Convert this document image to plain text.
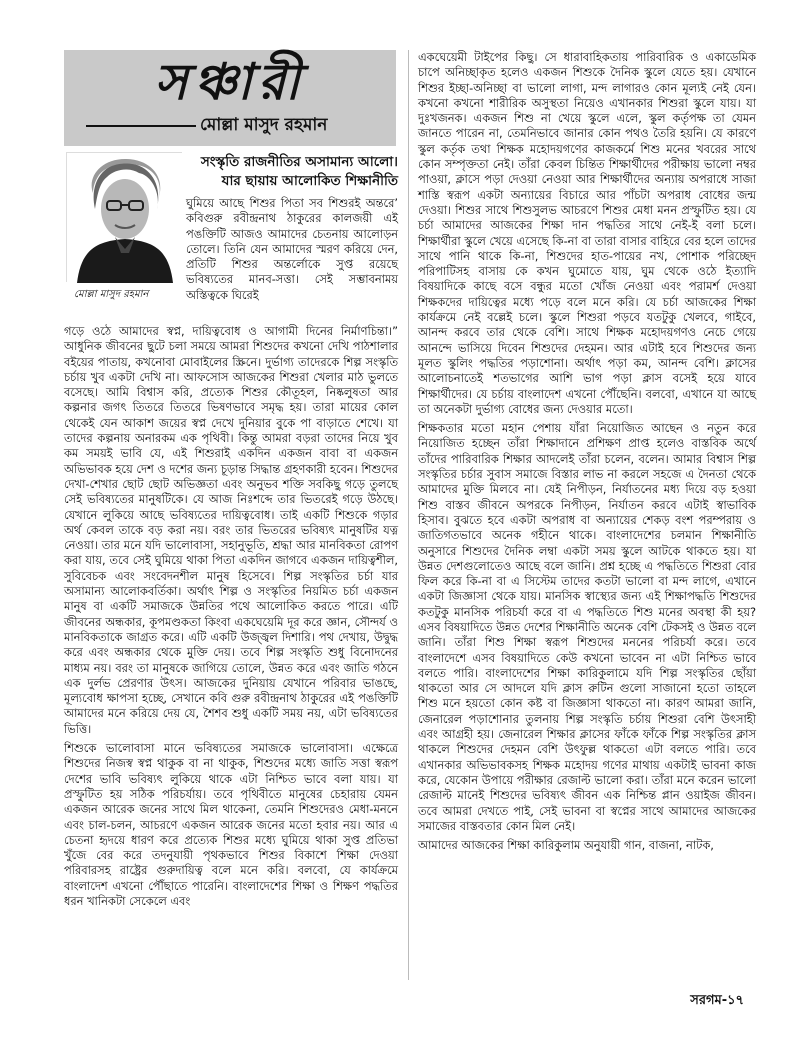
সঞ্চারী
মোল্লা মাসুদ রহমান
মোল্লা মাসুদ রহমান
সংস্কৃতি রাজনীতির অসামান্য আলো।
যার ছায়ায় আলোকিত শিক্ষানীতি

ঘুমিয়ে আছে শিশুর পিতা সব শিশুরই অন্তরে’ কবিগুরু রবীন্দ্রনাথ ঠাকুরের কালজয়ী এই পঙক্তিটি আজও আমাদের চেতনায় আলোড়ন তোলে। তিনি যেন আমাদের স্মরণ করিয়ে দেন, প্রতিটি শিশুর অন্তর্লোকে সুপ্ত রয়েছে ভবিষ্যতের মানব-সত্তা। সেই সম্ভাবনাময় অস্তিত্বকে ঘিরেই

গড়ে ওঠে আমাদের স্বপ্ন, দায়িত্ববোধ ও আগামী দিনের নির্মাণচিন্তা।” আধুনিক জীবনের ছুটে চলা সময়ে আমরা শিশুদের কখনো দেখি পাঠশালার বইয়ের পাতায়, কখনোবা মোবাইলের স্ক্রিনে। দুর্ভাগ্য তাদেরকে শিল্প সংস্কৃতি চর্চায় খুব একটা দেখি না। আফসোস আজকের শিশুরা খেলার মাঠ ভুলতে বসেছে। আমি বিশ্বাস করি, প্রত্যেক শিশুর কৌতূহল, নিষ্কলুষতা আর কল্পনার জগৎ তিতরে তিতরে ভিষণভাবে সমৃদ্ধ হয়। তারা মায়ের কোল থেকেই যেন আকাশ জয়ের স্বপ্ন দেখে দুনিয়ার বুকে পা বাড়াতে শেখে। যা তাদের কল্পনায় অনারকম এক পৃথিবী। কিন্তু আমরা বড়রা তাদের নিয়ে খুব কম সময়ই ভাবি যে, এই শিশুরাই একদিন একজন বাবা বা একজন অভিভাবক হয়ে দেশ ও দশের জন্য চূড়ান্ত সিদ্ধান্ত গ্রহণকারী হবেন। শিশুদের দেখা-শেখার ছোট ছোট অভিজ্ঞতা এবং অনুভব শক্তি সবকিছু গড়ে তুলছে সেই ভবিষ্যতের মানুষটিকে। যে আজ নিঃশব্দে তার ভিতরেই গড়ে উঠছে। যেখানে লুকিয়ে আছে ভবিষ্যতের দায়িত্ববোধ। তাই একটি শিশুকে গড়ার অর্থ কেবল তাকে বড় করা নয়। বরং তার ভিতরের ভবিষ্যৎ মানুষটির যত্ন নেওয়া। তার মনে যদি ভালোবাসা, সহানুভূতি, শ্রদ্ধা আর মানবিকতা রোপণ করা যায়, তবে সেই ঘুমিয়ে থাকা পিতা একদিন জাগবে একজন দায়িত্বশীল, সুবিবেচক এবং সংবেদনশীল মানুষ হিসেবে। শিল্প সংস্কৃতির চর্চা যার অসামান্য আলোকবর্তিকা। অর্থাৎ শিল্প ও সংস্কৃতির নিয়মিত চর্চা একজন মানুষ বা একটি সমাজকে উন্নতির পথে আলোকিত করতে পারে। এটি জীবনের অন্ধকার, কূপমণ্ডকতা কিংবা একঘেয়েমি দূর করে জ্ঞান, সৌন্দর্য ও মানবিকতাকে জাগ্রত করে। এটি একটি উজ্জ্বল দিশারি। পথ দেখায়, উদ্বুদ্ধ করে এবং অন্ধকার থেকে মুক্তি দেয়। তবে শিল্প সংস্কৃতি শুধু বিনোদনের মাধ্যম নয়। বরং তা মানুষকে জাগিয়ে তোলে, উন্নত করে এবং জাতি গঠনে এক দুর্লভ প্রেরণার উৎস। আজকের দুনিয়ায় যেখানে পরিবার ভাঙছে, মূল্যবোধ ক্ষাপসা হচ্ছে, সেখানে কবি গুরু রবীন্দ্রনাথ ঠাকুরের এই পঙক্তিটি আমাদের মনে করিয়ে দেয় যে, শৈশব শুধু একটি সময় নয়, এটা ভবিষ্যতের ভিত্তি।

শিশুকে ভালোবাসা মানে ভবিষ্যতের সমাজকে ভালোবাসা। এক্ষেত্রে শিশুদের নিজস্ব স্বপ্ন থাকুক বা না থাকুক, শিশুদের মধ্যে জাতি সত্তা স্বরূপ দেশের ভাবি ভবিষ্যৎ লুকিয়ে থাকে এটা নিশ্চিত ভাবে বলা যায়। যা প্রস্ফুটিত হয় সঠিক পরিচর্যায়। তবে পৃথিবীতে মানুষের চেহারায় যেমন একজন আরেক জনের সাথে মিল থাকেনা, তেমনি শিশুদেরও মেধা-মননে এবং চাল-চলন, আচরণে একজন আরেক জনের মতো হবার নয়। আর এ চেতনা হৃদয়ে ধারণ করে প্রত্যেক শিশুর মধ্যে ঘুমিয়ে থাকা সুপ্ত প্রতিভা খুঁজে বের করে তদনুযায়ী পৃথকভাবে শিশুর বিকাশে শিক্ষা দেওয়া পরিবারসহ রাষ্ট্রের গুরুদায়িত্ব বলে মনে করি। বলবো, যে কার্যক্রমে বাংলাদেশ এখনো পৌঁছাতে পারেনি। বাংলাদেশের শিক্ষা ও শিক্ষণ পদ্ধতির ধরন খানিকটা সেকেলে এবং

একঘেয়েমী টাইপের কিছু। সে ধারাবাহিকতায় পারিবারিক ও একাডেমিক চাপে অনিচ্ছাকৃত হলেও একজন শিশুকে দৈনিক স্কুলে যেতে হয়। যেখানে শিশুর ইচ্ছা-অনিচ্ছা বা ভালো লাগা, মন্দ লাগারও কোন মূল্যই নেই যেন। কখনো কখনো শারীরিক অসুস্থতা নিয়েও এখানকার শিশুরা স্কুলে যায়। যা দুঃখজনক। একজন শিশু না খেয়ে স্কুলে এলে, স্কুল কর্তৃপক্ষ তা যেমন জানতে পারেন না, তেমনিভাবে জানার কোন পথও তৈরি হয়নি। যে কারণে স্কুল কর্তৃক তথা শিক্ষক মহোদয়গণের কাজকর্মে শিশু মনের খবরের সাথে কোন সম্পৃক্ততা নেই। তাঁরা কেবল চিন্তিত শিক্ষার্থীদের পরীক্ষায় ভালো নম্বর পাওয়া, ক্লাসে পড়া দেওয়া নেওয়া আর শিক্ষার্থীদের অন্যায় অপরাধে সাজা শাস্তি স্বরূপ একটা অন্যায়ের বিচারে আর পাঁচটা অপরাধ বোধের জন্ম দেওয়া। শিশুর সাথে শিশুসুলভ আচরণে শিশুর মেধা মনন প্রস্ফুটিত হয়। যে চর্চা আমাদের আজকের শিক্ষা দান পদ্ধতির সাথে নেই-ই বলা চলে। শিক্ষার্থীরা স্কুলে খেয়ে এসেছে কি-না বা তারা বাসার বাহিরে বের হলে তাদের সাথে পানি থাকে কি-না, শিশুদের হাত-পায়ের নখ, পোশাক পরিচ্ছেদ পরিপাটিসহ বাসায় কে কখন ঘুমোতে যায়, ঘুম থেকে ওঠে ইত্যাদি বিষয়াদিকে কাছে বসে বন্ধুর মতো খোঁজ নেওয়া এবং পরামর্শ দেওয়া শিক্ষকদের দায়িত্বের মধ্যে পড়ে বলে মনে করি। যে চর্চা আজকের শিক্ষা কার্যক্রমে নেই বল্লেই চলে। স্কুলে শিশুরা পড়বে যতটুকু খেলবে, গাইবে, আনন্দ করবে তার থেকে বেশি। সাথে শিক্ষক মহোদয়গণও নেচে গেয়ে আনন্দে ভাসিয়ে দিবেন শিশুদের দেহমন। আর এটাই হবে শিশুদের জন্য মূলত স্কুলিং পদ্ধতির পড়াশোনা। অর্থাৎ পড়া কম, আনন্দ বেশি। ক্লাসের আলোচনাতেই শতভাগের আশি ভাগ পড়া ক্লাস বসেই হয়ে যাবে শিক্ষার্থীদের। যে চর্চায় বাংলাদেশ এখনো পৌঁছেনি। বলবো, এখানে যা আছে তা অনেকটা দুর্ভাগ্য বোধের জন্য দেওয়ার মতো।

শিক্ষকতার মতো মহান পেশায় যাঁরা নিয়োজিত আছেন ও নতুন করে নিয়োজিত হচ্ছেন তাঁরা শিক্ষাদানে প্রশিক্ষণ প্রাপ্ত হলেও বাস্তবিক অর্থে তাঁদের পারিবারিক শিক্ষার আদলেই তাঁরা চলেন, বলেন। আমার বিশ্বাস শিল্প সংস্কৃতির চর্চার সুবাস সমাজে বিস্তার লাভ না করলে সহজে এ দৈনতা থেকে আমাদের মুক্তি মিলবে না। যেই নিপীড়ন, নির্যাতনের মধ্য দিয়ে বড় হওয়া শিশু বাস্তব জীবনে অপরকে নিপীড়ন, নির্যাতন করবে এটাই স্বাভাবিক হিসাব। বুঝতে হবে একটা অপরাধ বা অন্যায়ের শেকড় বংশ পরম্পরায় ও জাতিগতভাবে অনেক গহীনে থাকে। বাংলাদেশের চলমান শিক্ষানীতি অনুসারে শিশুদের দৈনিক লম্বা একটা সময় স্কুলে আটকে থাকতে হয়। যা উন্নত দেশগুলোতেও আছে বলে জানি। প্রশ্ন হচ্ছে এ পদ্ধতিতে শিশুরা বোর ফিল করে কি-না বা এ সিস্টেম তাদের কতটা ভালো বা মন্দ লাগে, এখানে একটা জিজ্ঞাসা থেকে যায়। মানসিক স্বাস্থ্যের জন্য এই শিক্ষাপদ্ধতি শিশুদের কতটুকু মানসিক পরিচর্যা করে বা এ পদ্ধতিতে শিশু মনের অবস্থা কী হয়? এসব বিষয়াদিতে উন্নত দেশের শিক্ষানীতি অনেক বেশি টেকসই ও উন্নত বলে জানি। তাঁরা শিশু শিক্ষা স্বরূপ শিশুদের মননের পরিচর্যা করে। তবে বাংলাদেশে এসব বিষয়াদিতে কেউ কখনো ভাবেন না এটা নিশ্চিত ভাবে বলতে পারি। বাংলাদেশের শিক্ষা কারিকুলামে যদি শিল্প সংস্কৃতির ছোঁয়া থাকতো আর সে আদলে যদি ক্লাস রুটিন গুলো সাজানো হতো তাহলে শিশু মনে হয়তো কোন কষ্ট বা জিজ্ঞাসা থাকতো না। কারণ আমরা জানি, জেনারেল পড়াশোনার তুলনায় শিল্প সংস্কৃতি চর্চায় শিশুরা বেশি উৎসাহী এবং আগ্রহী হয়। জেনারেল শিক্ষার ক্লাসের ফাঁকে ফাঁকে শিল্প সংস্কৃতির ক্লাস থাকলে শিশুদের দেহমন বেশি উৎফুল্ল থাকতো এটা বলতে পারি। তবে এখানকার অভিভাবকসহ শিক্ষক মহোদয় গণের মাথায় একটাই ভাবনা কাজ করে, যেকোন উপায়ে পরীক্ষার রেজাল্ট ভালো করা। তাঁরা মনে করেন ভালো রেজাল্ট মানেই শিশুদের ভবিষ্যৎ জীবন এক নিশ্চিন্ত প্লান ওয়াইজ জীবন। তবে আমরা দেখতে পাই, সেই ভাবনা বা স্বপ্নের সাথে আমাদের আজকের সমাজের বাস্তবতার কোন মিল নেই।

আমাদের আজকের শিক্ষা কারিকুলাম অনুযায়ী গান, বাজনা, নাটক,

সরগম-১৭
